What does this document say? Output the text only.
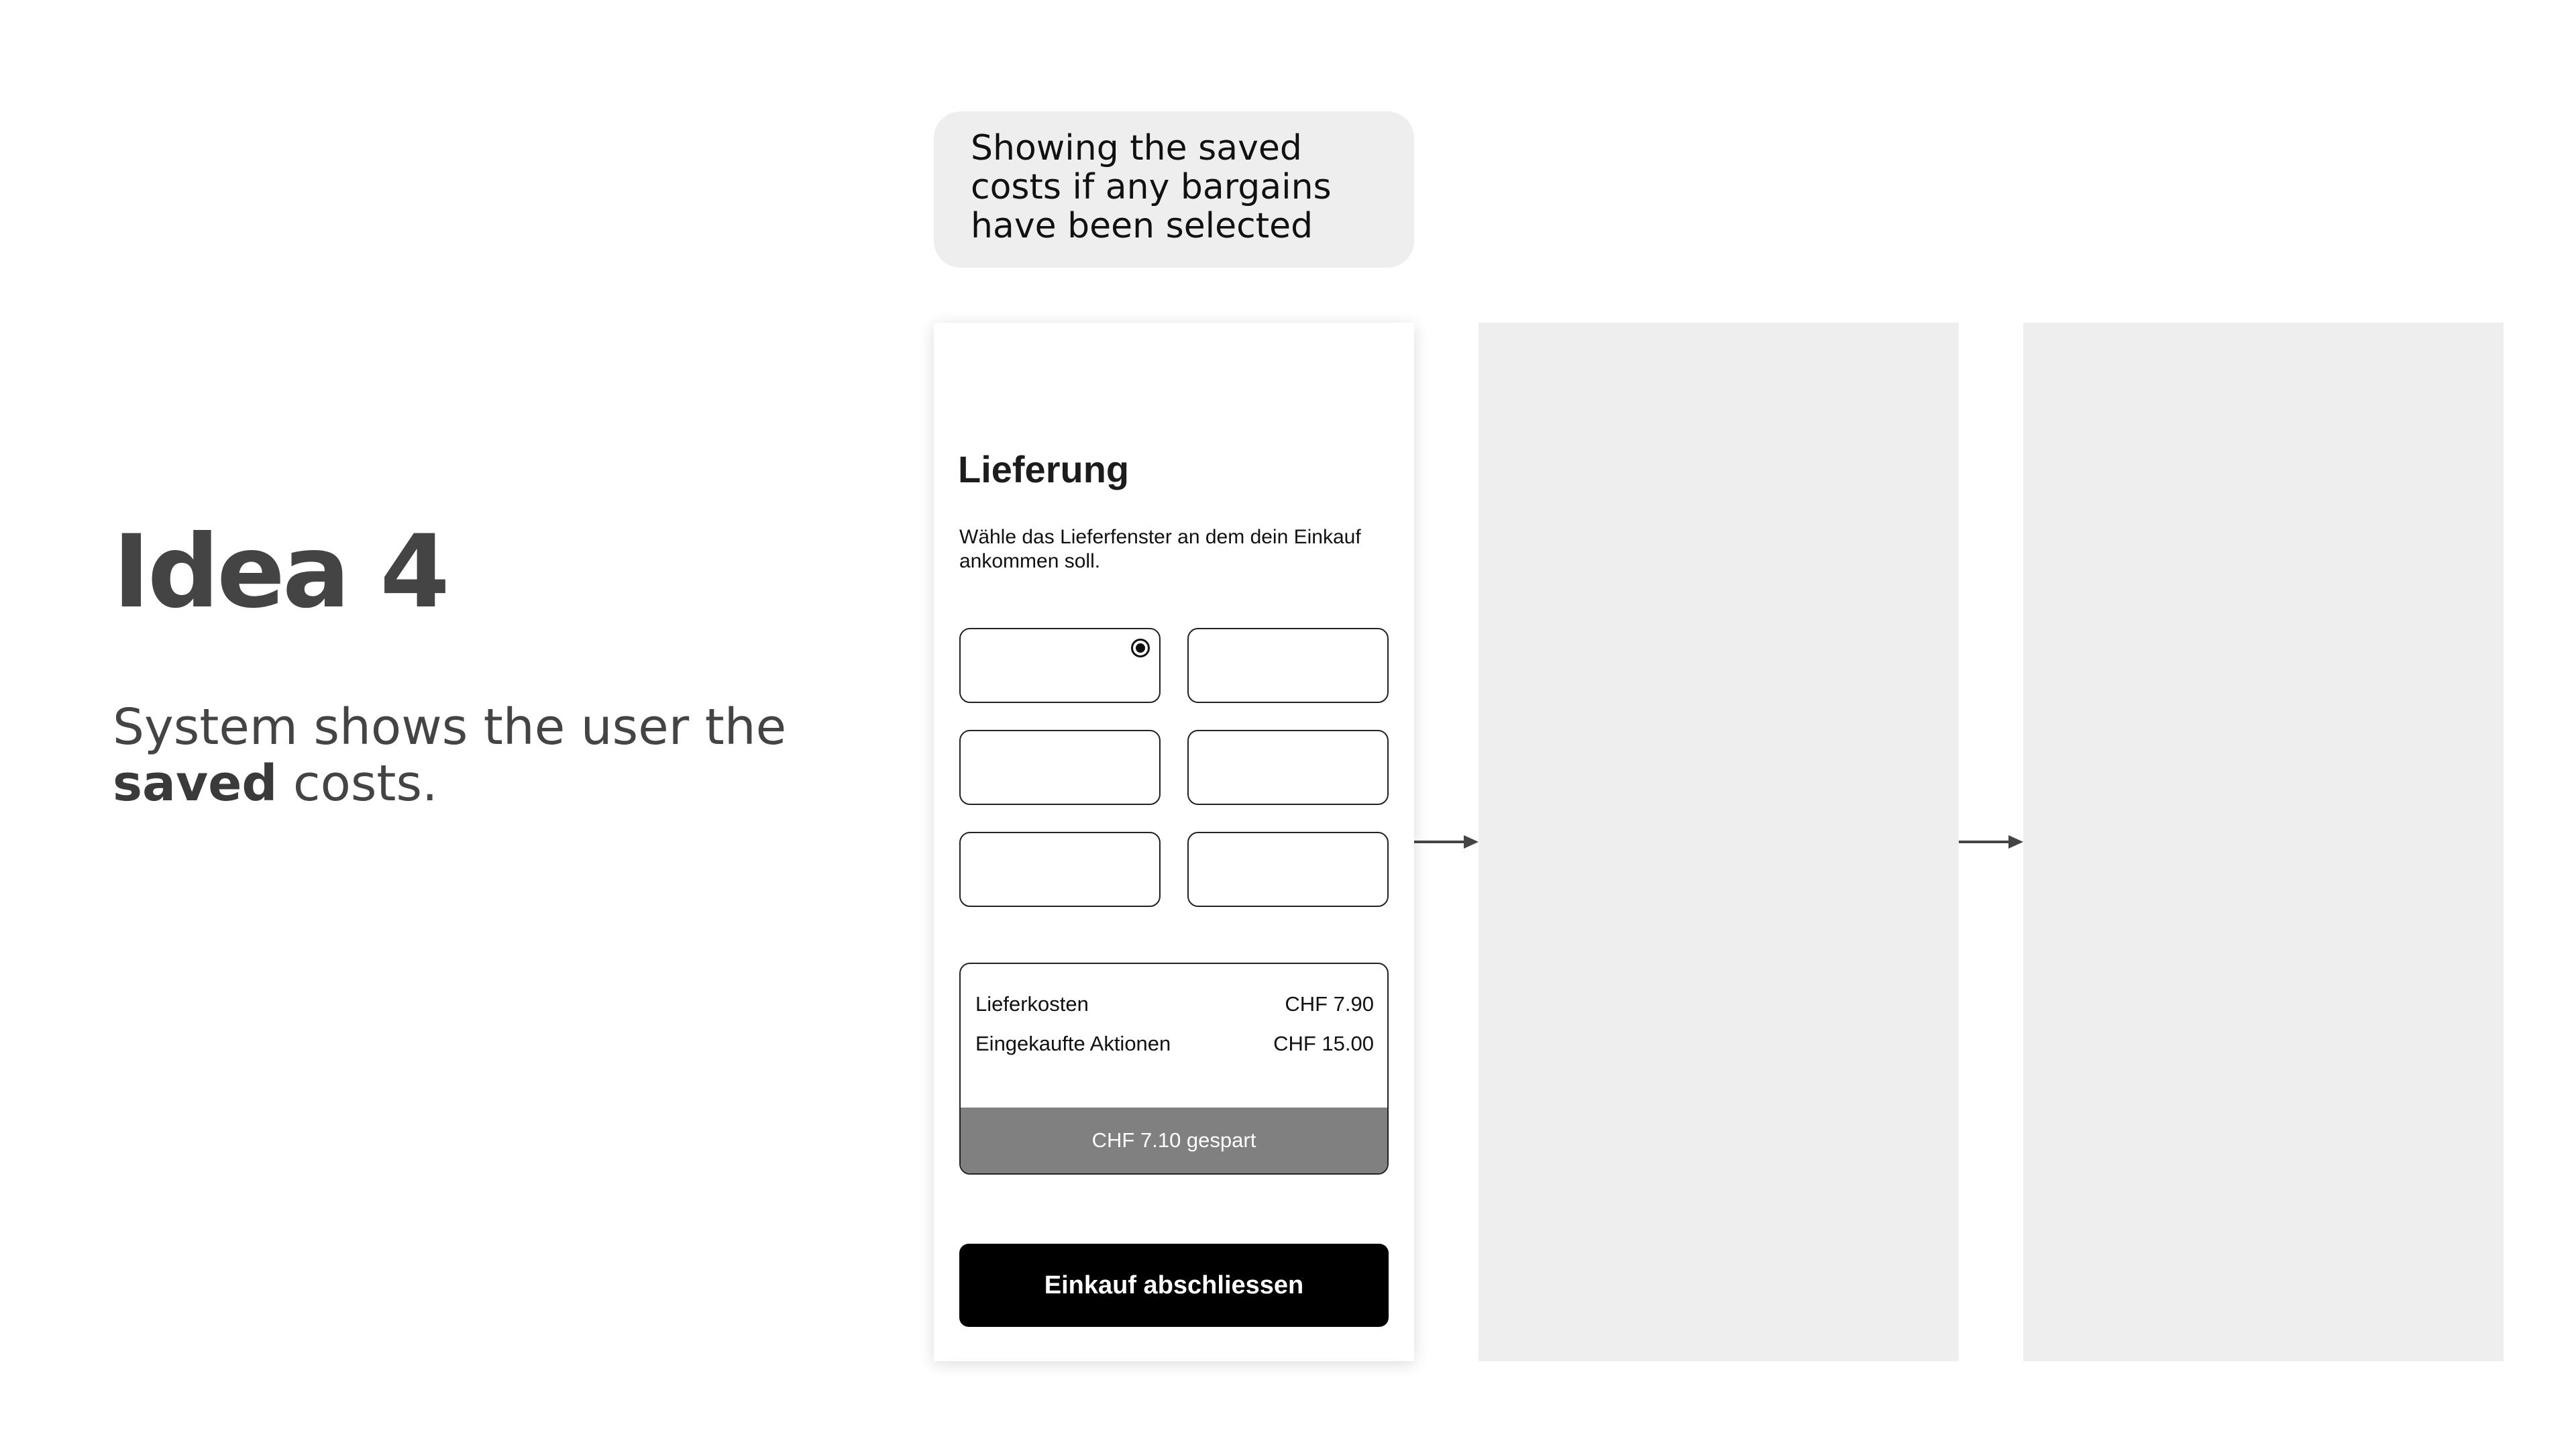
Idea 4

System shows the user the saved costs.

Showing the saved costs if any bargains have been selected
Lieferung

Wähle das Lieferfenster an dem dein Einkauf ankommen soll.

Lieferkosten	CHF 7.90
Eingekaufte Aktionen	CHF 15.00
CHF 7.10 gespart
Einkauf abschliessen
